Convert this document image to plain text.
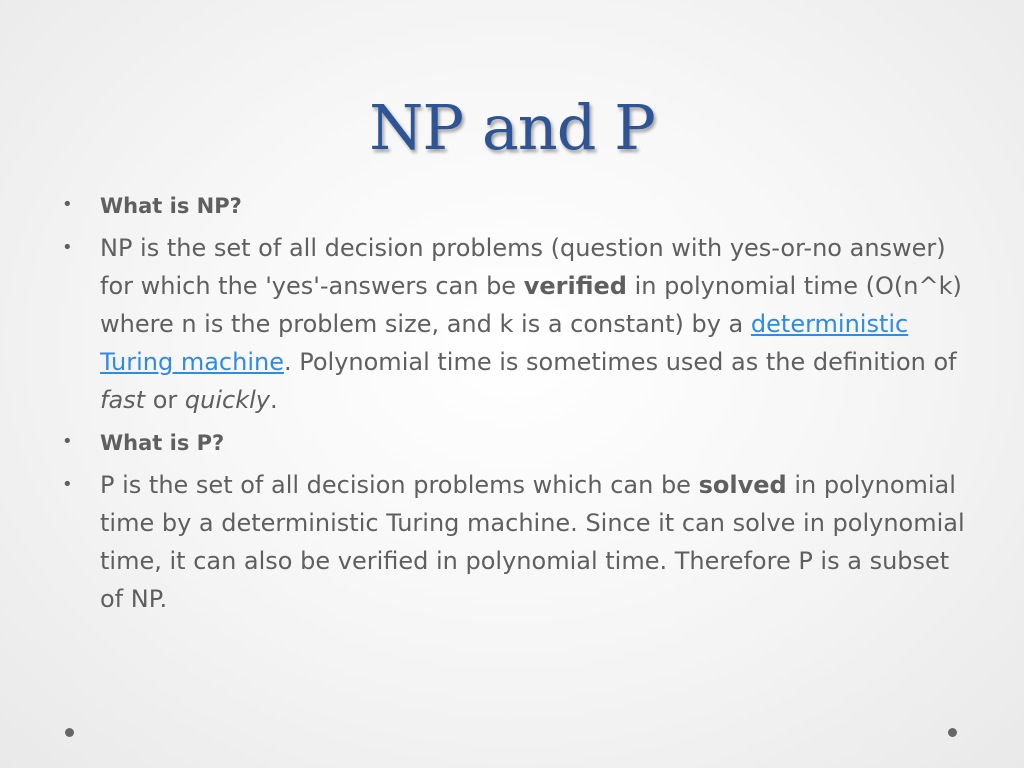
NP and P
•	What is NP?
•	NP is the set of all decision problems (question with yes-or-no answer) for which the 'yes'-answers can be verified in polynomial time (O(n^k) where n is the problem size, and k is a constant) by a deterministic Turing machine. Polynomial time is sometimes used as the definition of fast or quickly.
•	What is P?
•	P is the set of all decision problems which can be solved in polynomial time by a deterministic Turing machine. Since it can solve in polynomial time, it can also be verified in polynomial time. Therefore P is a subset of NP.
